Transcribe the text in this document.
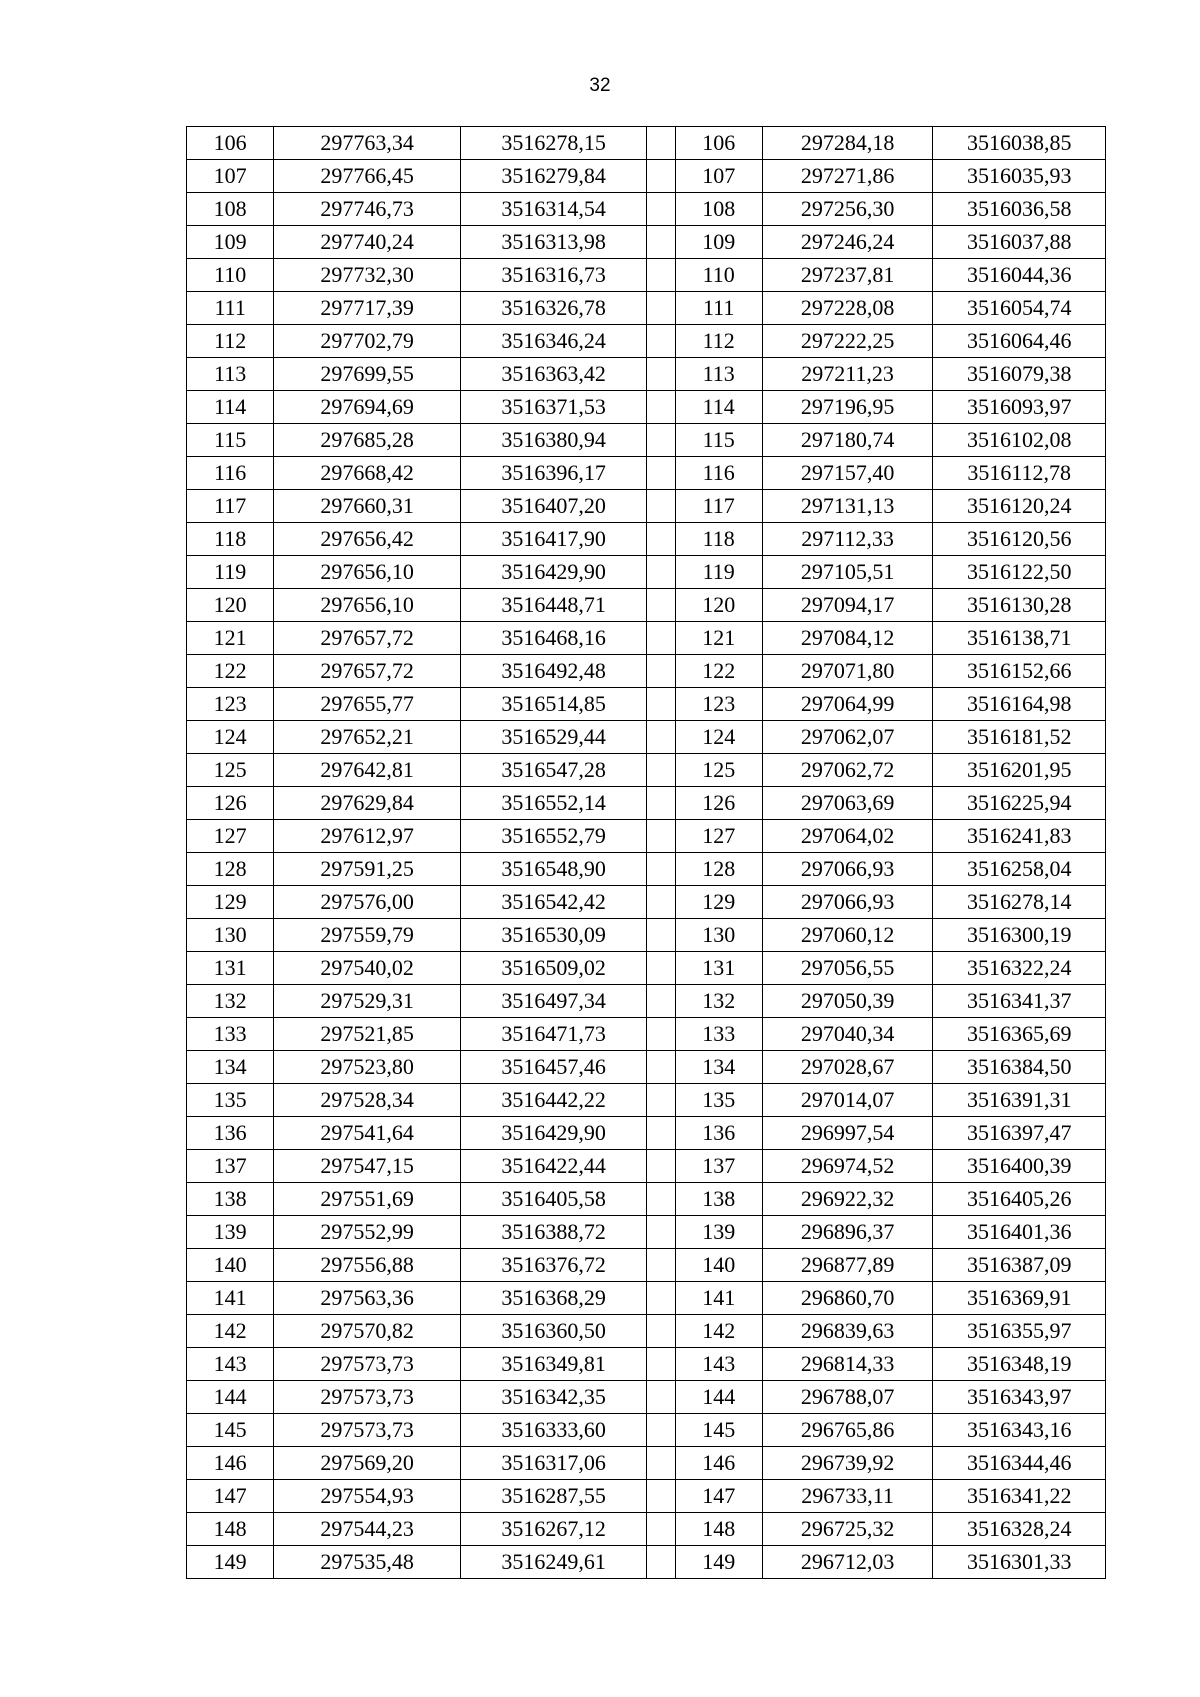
32
106	297763,34	3516278,15		106	297284,18	3516038,85
107	297766,45	3516279,84		107	297271,86	3516035,93
108	297746,73	3516314,54		108	297256,30	3516036,58
109	297740,24	3516313,98		109	297246,24	3516037,88
110	297732,30	3516316,73		110	297237,81	3516044,36
111	297717,39	3516326,78		111	297228,08	3516054,74
112	297702,79	3516346,24		112	297222,25	3516064,46
113	297699,55	3516363,42		113	297211,23	3516079,38
114	297694,69	3516371,53		114	297196,95	3516093,97
115	297685,28	3516380,94		115	297180,74	3516102,08
116	297668,42	3516396,17		116	297157,40	3516112,78
117	297660,31	3516407,20		117	297131,13	3516120,24
118	297656,42	3516417,90		118	297112,33	3516120,56
119	297656,10	3516429,90		119	297105,51	3516122,50
120	297656,10	3516448,71		120	297094,17	3516130,28
121	297657,72	3516468,16		121	297084,12	3516138,71
122	297657,72	3516492,48		122	297071,80	3516152,66
123	297655,77	3516514,85		123	297064,99	3516164,98
124	297652,21	3516529,44		124	297062,07	3516181,52
125	297642,81	3516547,28		125	297062,72	3516201,95
126	297629,84	3516552,14		126	297063,69	3516225,94
127	297612,97	3516552,79		127	297064,02	3516241,83
128	297591,25	3516548,90		128	297066,93	3516258,04
129	297576,00	3516542,42		129	297066,93	3516278,14
130	297559,79	3516530,09		130	297060,12	3516300,19
131	297540,02	3516509,02		131	297056,55	3516322,24
132	297529,31	3516497,34		132	297050,39	3516341,37
133	297521,85	3516471,73		133	297040,34	3516365,69
134	297523,80	3516457,46		134	297028,67	3516384,50
135	297528,34	3516442,22		135	297014,07	3516391,31
136	297541,64	3516429,90		136	296997,54	3516397,47
137	297547,15	3516422,44		137	296974,52	3516400,39
138	297551,69	3516405,58		138	296922,32	3516405,26
139	297552,99	3516388,72		139	296896,37	3516401,36
140	297556,88	3516376,72		140	296877,89	3516387,09
141	297563,36	3516368,29		141	296860,70	3516369,91
142	297570,82	3516360,50		142	296839,63	3516355,97
143	297573,73	3516349,81		143	296814,33	3516348,19
144	297573,73	3516342,35		144	296788,07	3516343,97
145	297573,73	3516333,60		145	296765,86	3516343,16
146	297569,20	3516317,06		146	296739,92	3516344,46
147	297554,93	3516287,55		147	296733,11	3516341,22
148	297544,23	3516267,12		148	296725,32	3516328,24
149	297535,48	3516249,61		149	296712,03	3516301,33
